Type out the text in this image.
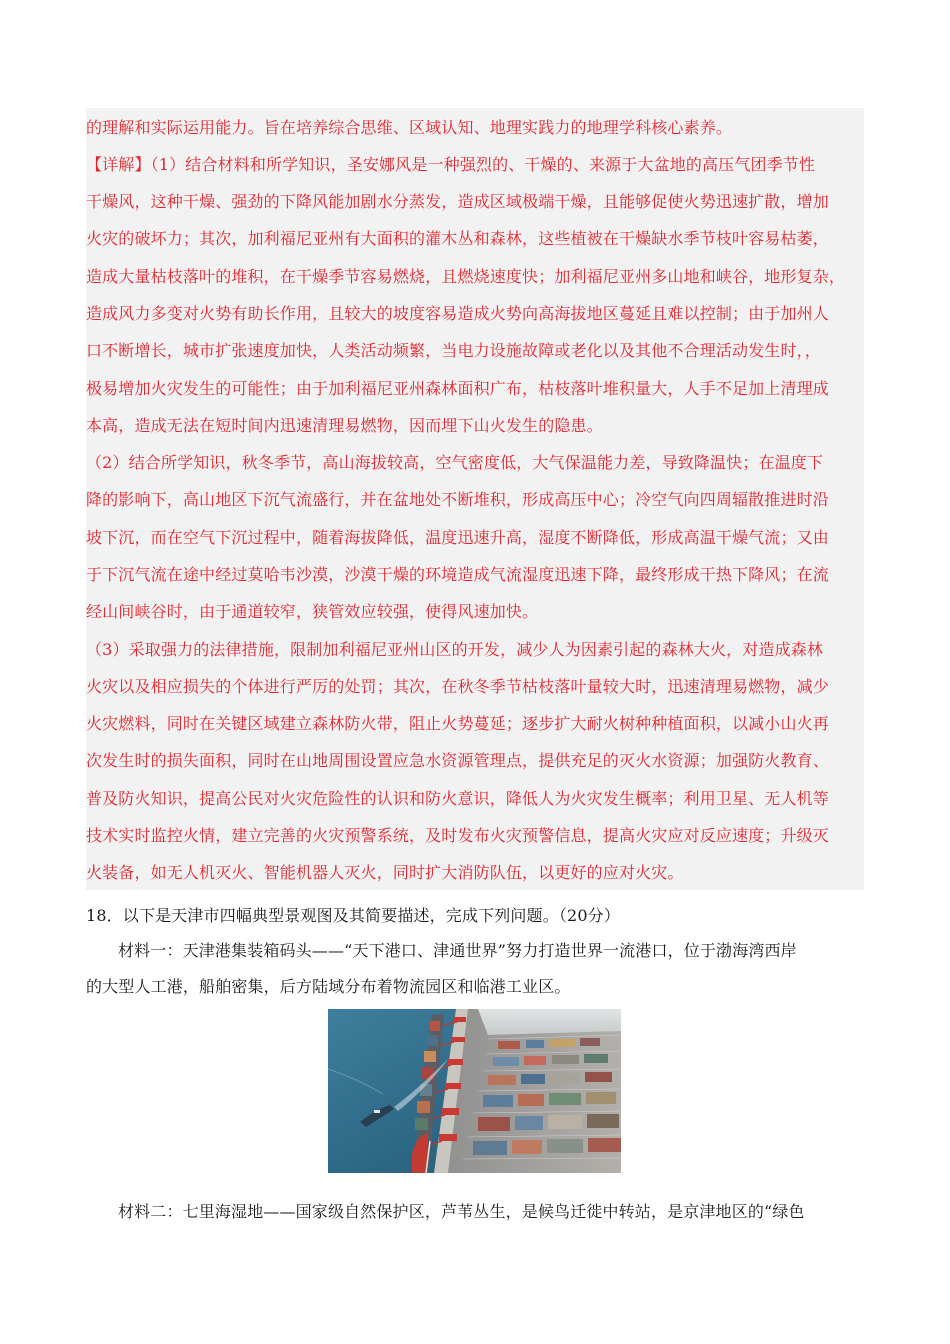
的理解和实际运用能力。旨在培养综合思维、区域认知、地理实践力的地理学科核心素养。
【详解】（1）结合材料和所学知识，圣安娜风是一种强烈的、干燥的、来源于大盆地的高压气团季节性
干燥风，这种干燥、强劲的下降风能加剧水分蒸发，造成区域极端干燥，且能够促使火势迅速扩散，增加
火灾的破坏力；其次，加利福尼亚州有大面积的灌木丛和森林，这些植被在干燥缺水季节枝叶容易枯萎，
造成大量枯枝落叶的堆积，在干燥季节容易燃烧，且燃烧速度快；加利福尼亚州多山地和峡谷，地形复杂，
造成风力多变对火势有助长作用，且较大的坡度容易造成火势向高海拔地区蔓延且难以控制；由于加州人
口不断增长，城市扩张速度加快，人类活动频繁，当电力设施故障或老化以及其他不合理活动发生时，，
极易增加火灾发生的可能性；由于加利福尼亚州森林面积广布，枯枝落叶堆积量大，人手不足加上清理成
本高，造成无法在短时间内迅速清理易燃物，因而埋下山火发生的隐患。
（2）结合所学知识，秋冬季节，高山海拔较高，空气密度低，大气保温能力差，导致降温快；在温度下
降的影响下，高山地区下沉气流盛行，并在盆地处不断堆积，形成高压中心；冷空气向四周辐散推进时沿
坡下沉，而在空气下沉过程中，随着海拔降低，温度迅速升高，湿度不断降低，形成高温干燥气流；又由
于下沉气流在途中经过莫哈韦沙漠，沙漠干燥的环境造成气流湿度迅速下降，最终形成干热下降风；在流
经山间峡谷时，由于通道较窄，狭管效应较强，使得风速加快。
（3）采取强力的法律措施，限制加利福尼亚州山区的开发，减少人为因素引起的森林大火，对造成森林
火灾以及相应损失的个体进行严厉的处罚；其次，在秋冬季节枯枝落叶量较大时，迅速清理易燃物，减少
火灾燃料，同时在关键区域建立森林防火带，阻止火势蔓延；逐步扩大耐火树种种植面积，以减小山火再
次发生时的损失面积，同时在山地周围设置应急水资源管理点，提供充足的灭火水资源；加强防火教育、
普及防火知识，提高公民对火灾危险性的认识和防火意识，降低人为火灾发生概率；利用卫星、无人机等
技术实时监控火情，建立完善的火灾预警系统，及时发布火灾预警信息，提高火灾应对反应速度；升级灭
火装备，如无人机灭火、智能机器人灭火，同时扩大消防队伍，以更好的应对火灾。
18．以下是天津市四幅典型景观图及其简要描述，完成下列问题。（20分）
材料一：天津港集装箱码头——“天下港口、津通世界”努力打造世界一流港口，位于渤海湾西岸
的大型人工港，船舶密集，后方陆域分布着物流园区和临港工业区。
材料二：七里海湿地——国家级自然保护区，芦苇丛生，是候鸟迁徙中转站，是京津地区的“绿色
